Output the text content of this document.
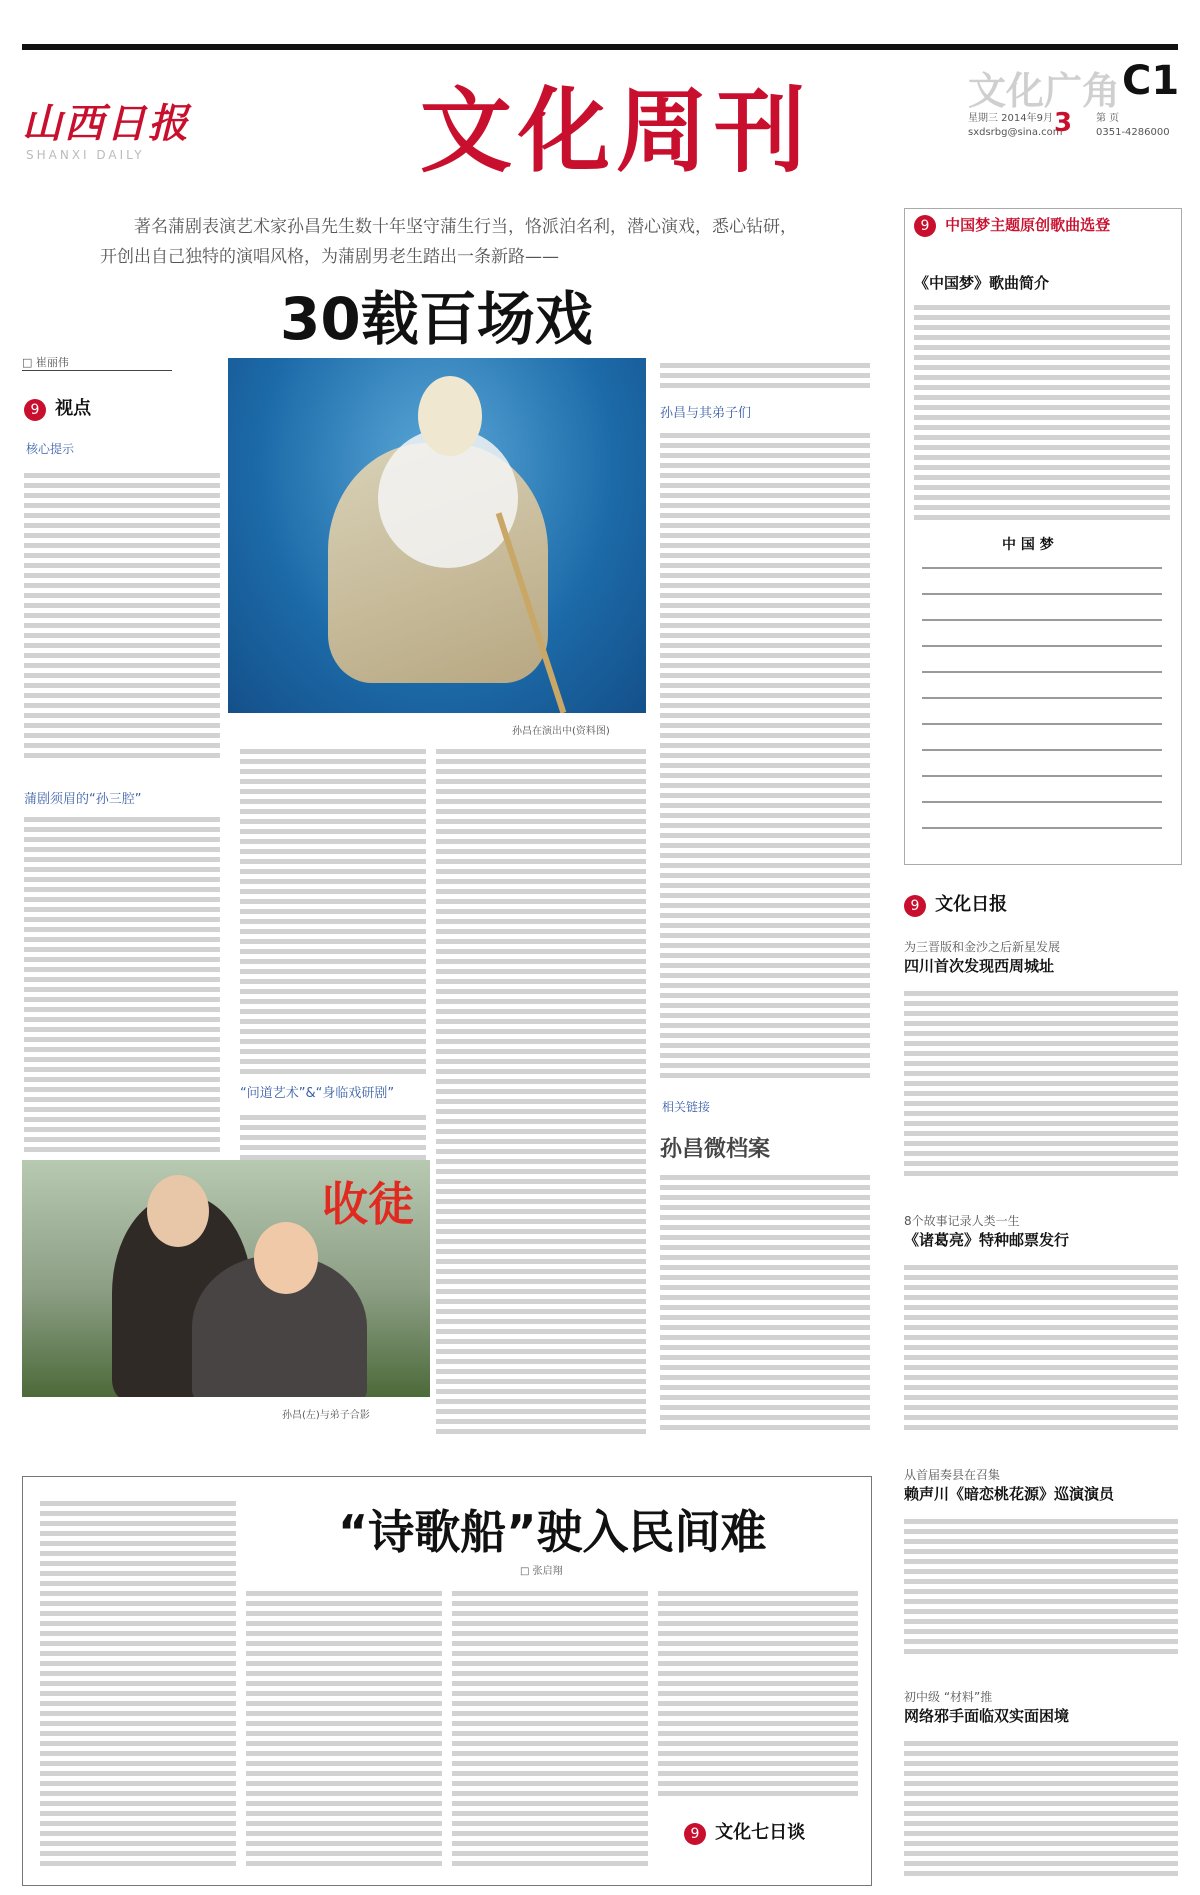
山西日报
SHANXI DAILY	文化周刊	文化广角 C1
星期三 2014年9月
sxdsrbg@sina.com
3 第 页
0351-4286000
著名蒲剧表演艺术家孙昌先生数十年坚守蒲生行当，恪派泊名利，潜心演戏，悉心钻研，开创出自己独特的演唱风格，为蒲剧男老生踏出一条新路——
30载百场戏
□ 崔丽伟
9 视点
核心提示
蒲剧须眉的“孙三腔”
孙昌在演出中(资料图)
“问道艺术”&“身临戏研剧”
孙昌与其弟子们
相关链接
孙昌微档案
收徒
孙昌(左)与弟子合影
9 中国梦主题原创歌曲选登
《中国梦》歌曲简介
中 国 梦
9 文化日报
为三晋版和金沙之后新星发展
四川首次发现西周城址
8个故事记录人类一生
《诸葛亮》特种邮票发行
从首届奏县在召集
赖声川《暗恋桃花源》巡演演员
初中级 “材料”推
网络邪手面临双实面困境
“诗歌船”驶入民间难
□ 张启翔
9 文化七日谈
